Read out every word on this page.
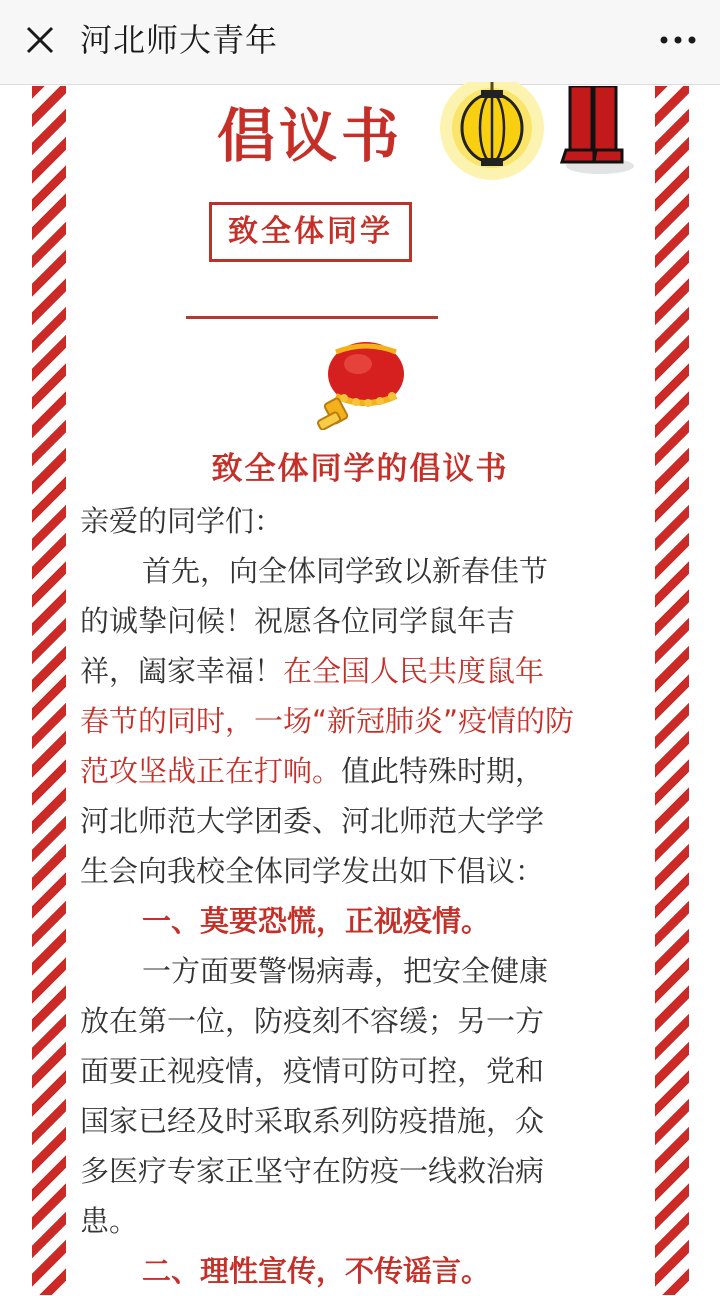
河北师大青年
倡议书
致全体同学
致全体同学的倡议书
亲爱的同学们：
首先，向全体同学致以新春佳节
的诚挚问候！祝愿各位同学鼠年吉
祥，阖家幸福！在全国人民共度鼠年
春节的同时，一场“新冠肺炎”疫情的防
范攻坚战正在打响。值此特殊时期，
河北师范大学团委、河北师范大学学
生会向我校全体同学发出如下倡议：
一、莫要恐慌，正视疫情。
一方面要警惕病毒，把安全健康
放在第一位，防疫刻不容缓；另一方
面要正视疫情，疫情可防可控，党和
国家已经及时采取系列防疫措施，众
多医疗专家正坚守在防疫一线救治病
患。
二、理性宣传，不传谣言。
